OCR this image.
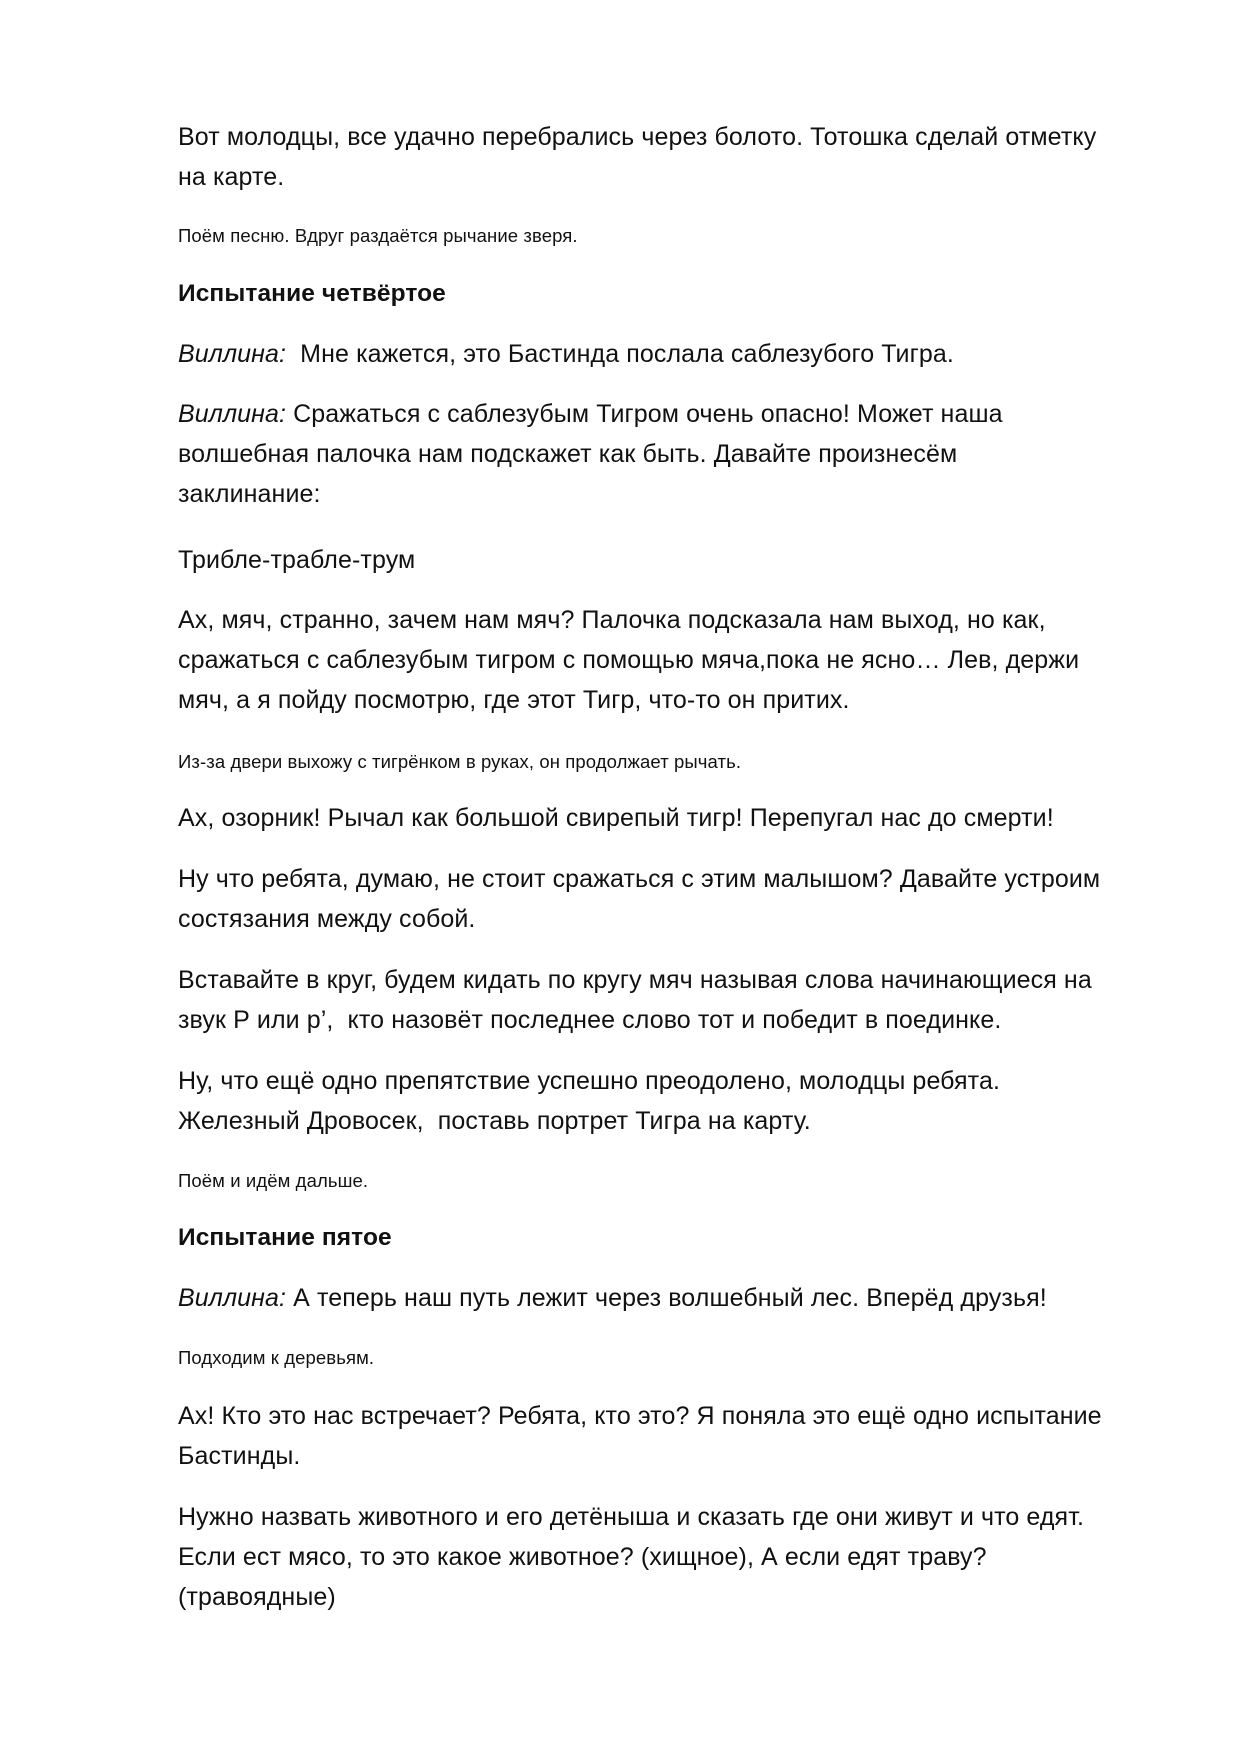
Вот молодцы, все удачно перебрались через болото. Тотошка сделай отметку
на карте.
Поём песню. Вдруг раздаётся рычание зверя.
Испытание четвёртое
Виллина:  Мне кажется, это Бастинда послала саблезубого Тигра.
Виллина: Сражаться с саблезубым Тигром очень опасно! Может наша
волшебная палочка нам подскажет как быть. Давайте произнесём
заклинание:
Трибле-трабле-трум
Ах, мяч, странно, зачем нам мяч? Палочка подсказала нам выход, но как,
сражаться с саблезубым тигром с помощью мяча,пока не ясно… Лев, держи
мяч, а я пойду посмотрю, где этот Тигр, что-то он притих.
Из-за двери выхожу с тигрёнком в руках, он продолжает рычать.
Ах, озорник! Рычал как большой свирепый тигр! Перепугал нас до смерти!
Ну что ребята, думаю, не стоит сражаться с этим малышом? Давайте устроим
состязания между собой.
Вставайте в круг, будем кидать по кругу мяч называя слова начинающиеся на
звук Р или р’,  кто назовёт последнее слово тот и победит в поединке.
Ну, что ещё одно препятствие успешно преодолено, молодцы ребята.
Железный Дровосек,  поставь портрет Тигра на карту.
Поём и идём дальше.
Испытание пятое
Виллина: А теперь наш путь лежит через волшебный лес. Вперёд друзья!
Подходим к деревьям.
Ах! Кто это нас встречает? Ребята, кто это? Я поняла это ещё одно испытание
Бастинды.
Нужно назвать животного и его детёныша и сказать где они живут и что едят.
Если ест мясо, то это какое животное? (хищное), А если едят траву?
(травоядные)
